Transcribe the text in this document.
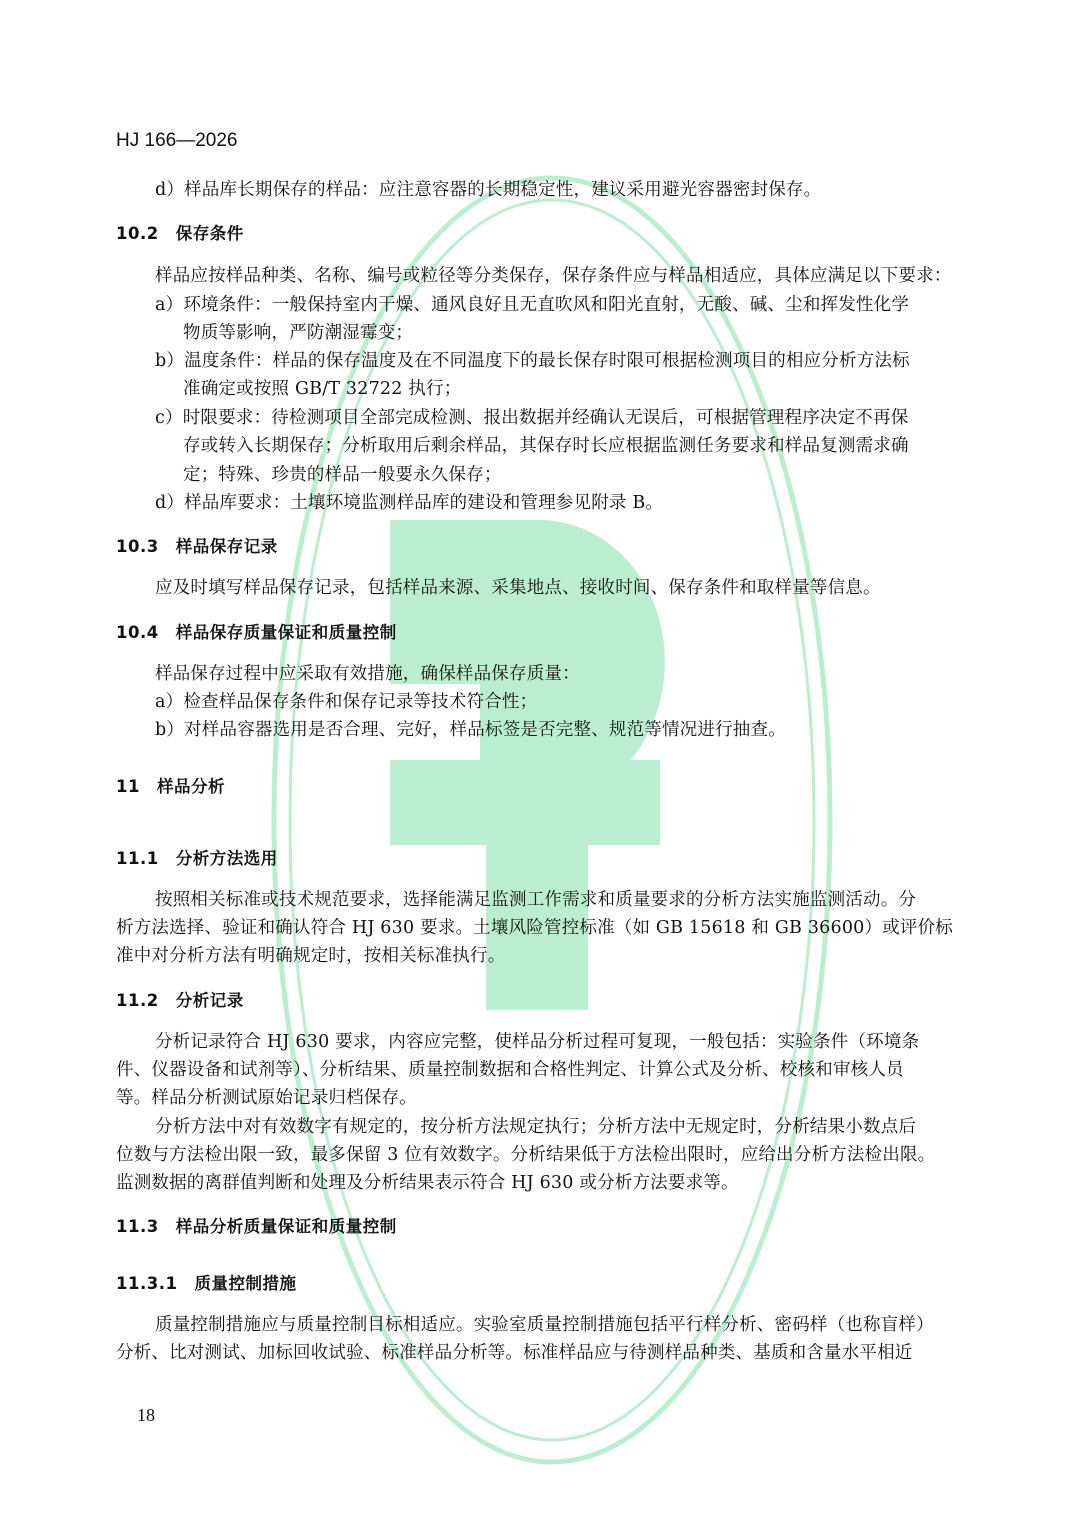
HJ 166—2026
d）样品库长期保存的样品：应注意容器的长期稳定性，建议采用避光容器密封保存。
10.2　保存条件
样品应按样品种类、名称、编号或粒径等分类保存，保存条件应与样品相适应，具体应满足以下要求：
a）环境条件：一般保持室内干燥、通风良好且无直吹风和阳光直射，无酸、碱、尘和挥发性化学
物质等影响，严防潮湿霉变；
b）温度条件：样品的保存温度及在不同温度下的最长保存时限可根据检测项目的相应分析方法标
准确定或按照 GB/T 32722 执行；
c）时限要求：待检测项目全部完成检测、报出数据并经确认无误后，可根据管理程序决定不再保
存或转入长期保存；分析取用后剩余样品，其保存时长应根据监测任务要求和样品复测需求确
定；特殊、珍贵的样品一般要永久保存；
d）样品库要求：土壤环境监测样品库的建设和管理参见附录 B。
10.3　样品保存记录
应及时填写样品保存记录，包括样品来源、采集地点、接收时间、保存条件和取样量等信息。
10.4　样品保存质量保证和质量控制
样品保存过程中应采取有效措施，确保样品保存质量：
a）检查样品保存条件和保存记录等技术符合性；
b）对样品容器选用是否合理、完好，样品标签是否完整、规范等情况进行抽查。
11　样品分析
11.1　分析方法选用
按照相关标准或技术规范要求，选择能满足监测工作需求和质量要求的分析方法实施监测活动。分
析方法选择、验证和确认符合 HJ 630 要求。土壤风险管控标准（如 GB 15618 和 GB 36600）或评价标
准中对分析方法有明确规定时，按相关标准执行。
11.2　分析记录
分析记录符合 HJ 630 要求，内容应完整，使样品分析过程可复现，一般包括：实验条件（环境条
件、仪器设备和试剂等）、分析结果、质量控制数据和合格性判定、计算公式及分析、校核和审核人员
等。样品分析测试原始记录归档保存。
分析方法中对有效数字有规定的，按分析方法规定执行；分析方法中无规定时，分析结果小数点后
位数与方法检出限一致，最多保留 3 位有效数字。分析结果低于方法检出限时，应给出分析方法检出限。
监测数据的离群值判断和处理及分析结果表示符合 HJ 630 或分析方法要求等。
11.3　样品分析质量保证和质量控制
11.3.1　质量控制措施
质量控制措施应与质量控制目标相适应。实验室质量控制措施包括平行样分析、密码样（也称盲样）
分析、比对测试、加标回收试验、标准样品分析等。标准样品应与待测样品种类、基质和含量水平相近
18
